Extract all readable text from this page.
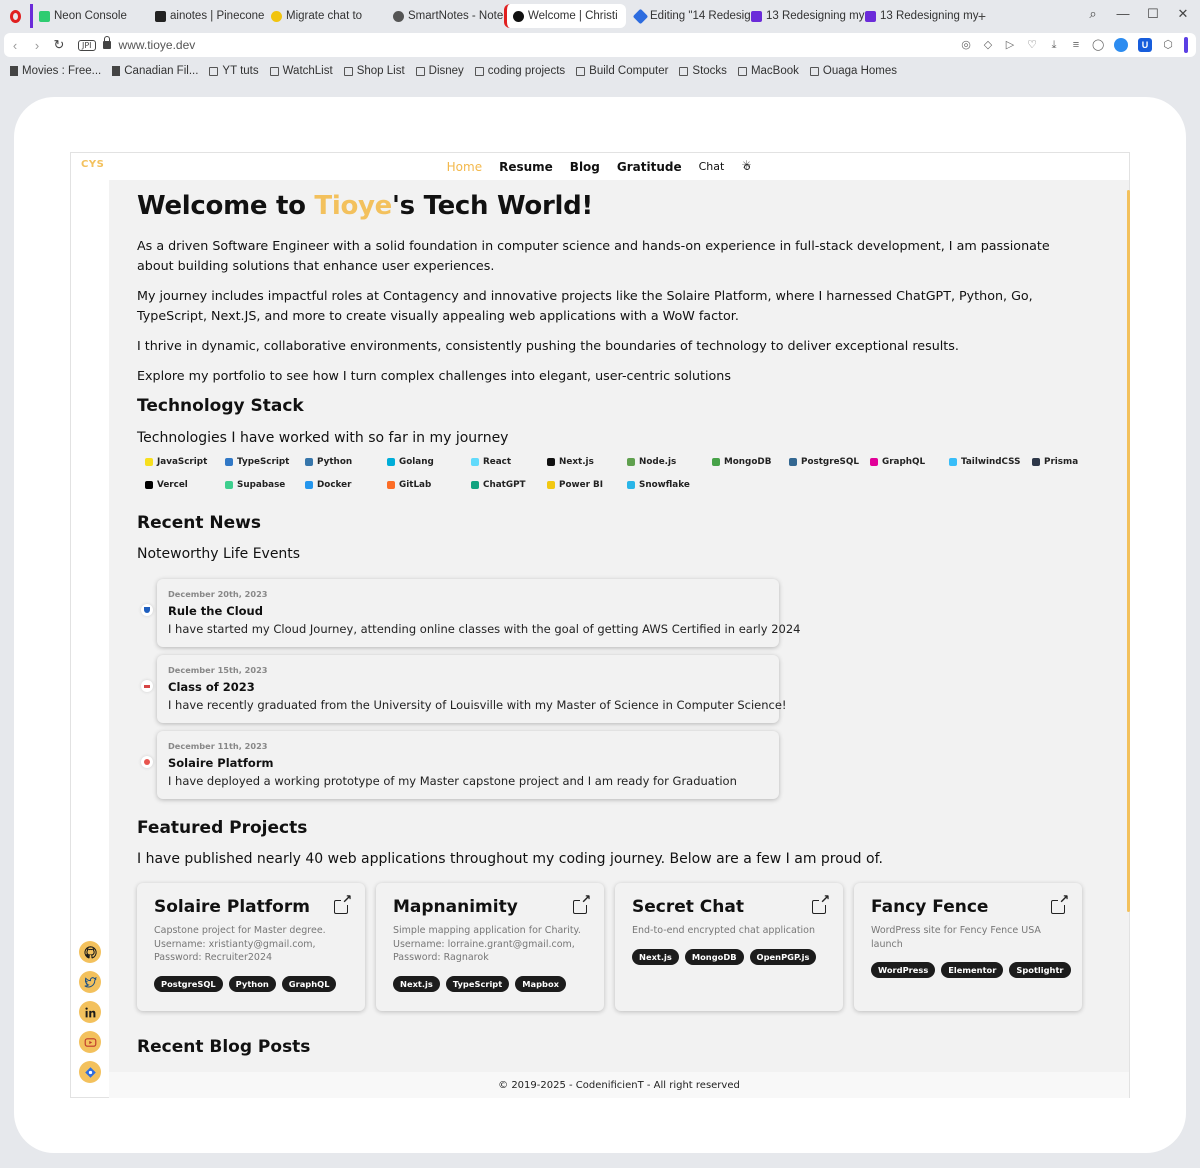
Neon Console	ainotes | Pinecone Migrate chat to	SmartNotes - Note Welcome | Christi	Editing "14 Redesig 13 Redesigning my 13 Redesigning my +	⌕ — ☐ ✕
‹	›	↻	JPI	www.tioye.dev	◎ ◇ ▷ ♡	⤓	≡ ◯	U	⬡
Movies : Free... Canadian Fil... YT tuts WatchList Shop List Disney coding projects Build Computer Stocks MacBook Ouaga Homes
CYS	Home Resume Blog Gratitude Chat
✳
Welcome to Tioye's Tech World!

As a driven Software Engineer with a solid foundation in computer science and hands-on experience in full-stack development, I am passionate about building solutions that enhance user experiences.

My journey includes impactful roles at Contagency and innovative projects like the Solaire Platform, where I harnessed ChatGPT, Python, Go, TypeScript, Next.JS, and more to create visually appealing web applications with a WoW factor.

I thrive in dynamic, collaborative environments, consistently pushing the boundaries of technology to deliver exceptional results.

Explore my portfolio to see how I turn complex challenges into elegant, user-centric solutions

Technology Stack
Technologies I have worked with so far in my journey
JavaScript	TypeScript	Python	Golang	React	Next.js	Node.js	MongoDB	PostgreSQL	GraphQL	TailwindCSS	Prisma
Vercel	Supabase	Docker	GitLab	ChatGPT	Power BI	Snowflake
Recent News
Noteworthy Life Events
December 20th, 2023
Rule the Cloud
I have started my Cloud Journey, attending online classes with the goal of getting AWS Certified in early 2024
December 15th, 2023
Class of 2023
I have recently graduated from the University of Louisville with my Master of Science in Computer Science!
December 11th, 2023
Solaire Platform
I have deployed a working prototype of my Master capstone project and I am ready for Graduation
Featured Projects
I have published nearly 40 web applications throughout my coding journey. Below are a few I am proud of.
Solaire Platform
↗
Capstone project for Master degree.
Username: xristianty@gmail.com,
Password: Recruiter2024
PostgreSQL	Python	GraphQL
Mapnanimity
↗
Simple mapping application for Charity.
Username: lorraine.grant@gmail.com,
Password: Ragnarok
Next.js	TypeScript	Mapbox
Secret Chat
↗
End-to-end encrypted chat application
Next.js	MongoDB	OpenPGP.js
Fancy Fence
↗
WordPress site for Fency Fence USA
launch
WordPress	Elementor	Spotlightr
Recent Blog Posts
© 2019-2025 - CodenificienT - All right reserved
